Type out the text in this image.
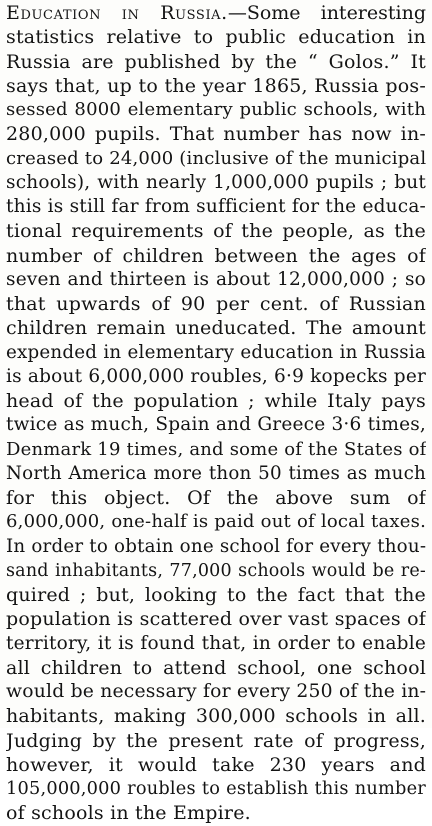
Education in Russia.—Some interesting
statistics relative to public education in
Russia are published by the “ Golos.” It
says that, up to the year 1865, Russia pos-
sessed 8000 elementary public schools, with
280,000 pupils. That number has now in-
creased to 24,000 (inclusive of the municipal
schools), with nearly 1,000,000 pupils ; but
this is still far from sufficient for the educa-
tional requirements of the people, as the
number of children between the ages of
seven and thirteen is about 12,000,000 ; so
that upwards of 90 per cent. of Russian
children remain uneducated. The amount
expended in elementary education in Russia
is about 6,000,000 roubles, 6·9 kopecks per
head of the population ; while Italy pays
twice as much, Spain and Greece 3·6 times,
Denmark 19 times, and some of the States of
North America more thon 50 times as much
for this object. Of the above sum of
6,000,000, one-half is paid out of local taxes.
In order to obtain one school for every thou-
sand inhabitants, 77,000 schools would be re-
quired ; but, looking to the fact that the
population is scattered over vast spaces of
territory, it is found that, in order to enable
all children to attend school, one school
would be necessary for every 250 of the in-
habitants, making 300,000 schools in all.
Judging by the present rate of progress,
however, it would take 230 years and
105,000,000 roubles to establish this number
of schools in the Empire.
